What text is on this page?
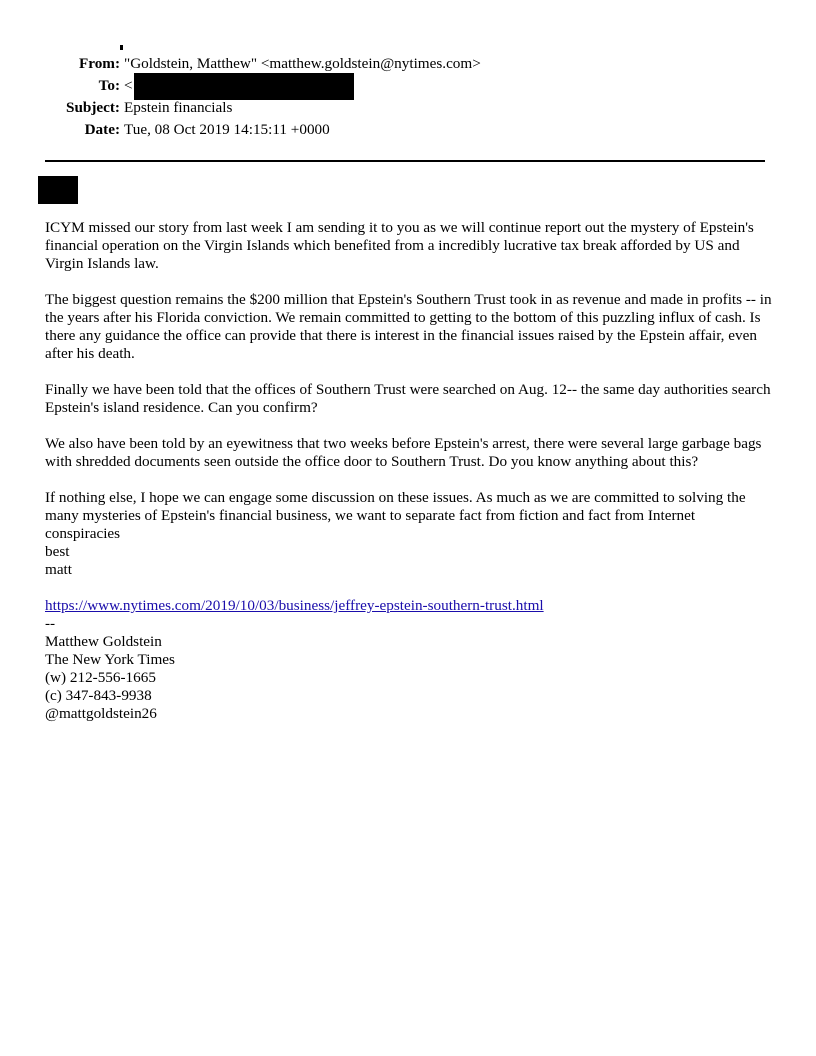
From: "Goldstein, Matthew" <matthew.goldstein@nytimes.com>
To: <
Subject: Epstein financials
Date: Tue, 08 Oct 2019 14:15:11 +0000

ICYM missed our story from last week I am sending it to you as we will continue report out the mystery of Epstein's financial operation on the Virgin Islands which benefited from a incredibly lucrative tax break afforded by US and Virgin Islands law.

The biggest question remains the $200 million that Epstein's Southern Trust took in as revenue and made in profits -- in the years after his Florida conviction. We remain committed to getting to the bottom of this puzzling influx of cash. Is there any guidance the office can provide that there is interest in the financial issues raised by the Epstein affair, even after his death.

Finally we have been told that the offices of Southern Trust were searched on Aug. 12-- the same day authorities search Epstein's island residence. Can you confirm?

We also have been told by an eyewitness that two weeks before Epstein's arrest, there were several large garbage bags with shredded documents seen outside the office door to Southern Trust. Do you know anything about this?

If nothing else, I hope we can engage some discussion on these issues. As much as we are committed to solving the many mysteries of Epstein's financial business, we want to separate fact from fiction and fact from Internet conspiracies
best
matt
https://www.nytimes.com/2019/10/03/business/jeffrey-epstein-southern-trust.html
--
Matthew Goldstein
The New York Times
(w) 212-556-1665
(c) 347-843-9938
@mattgoldstein26
